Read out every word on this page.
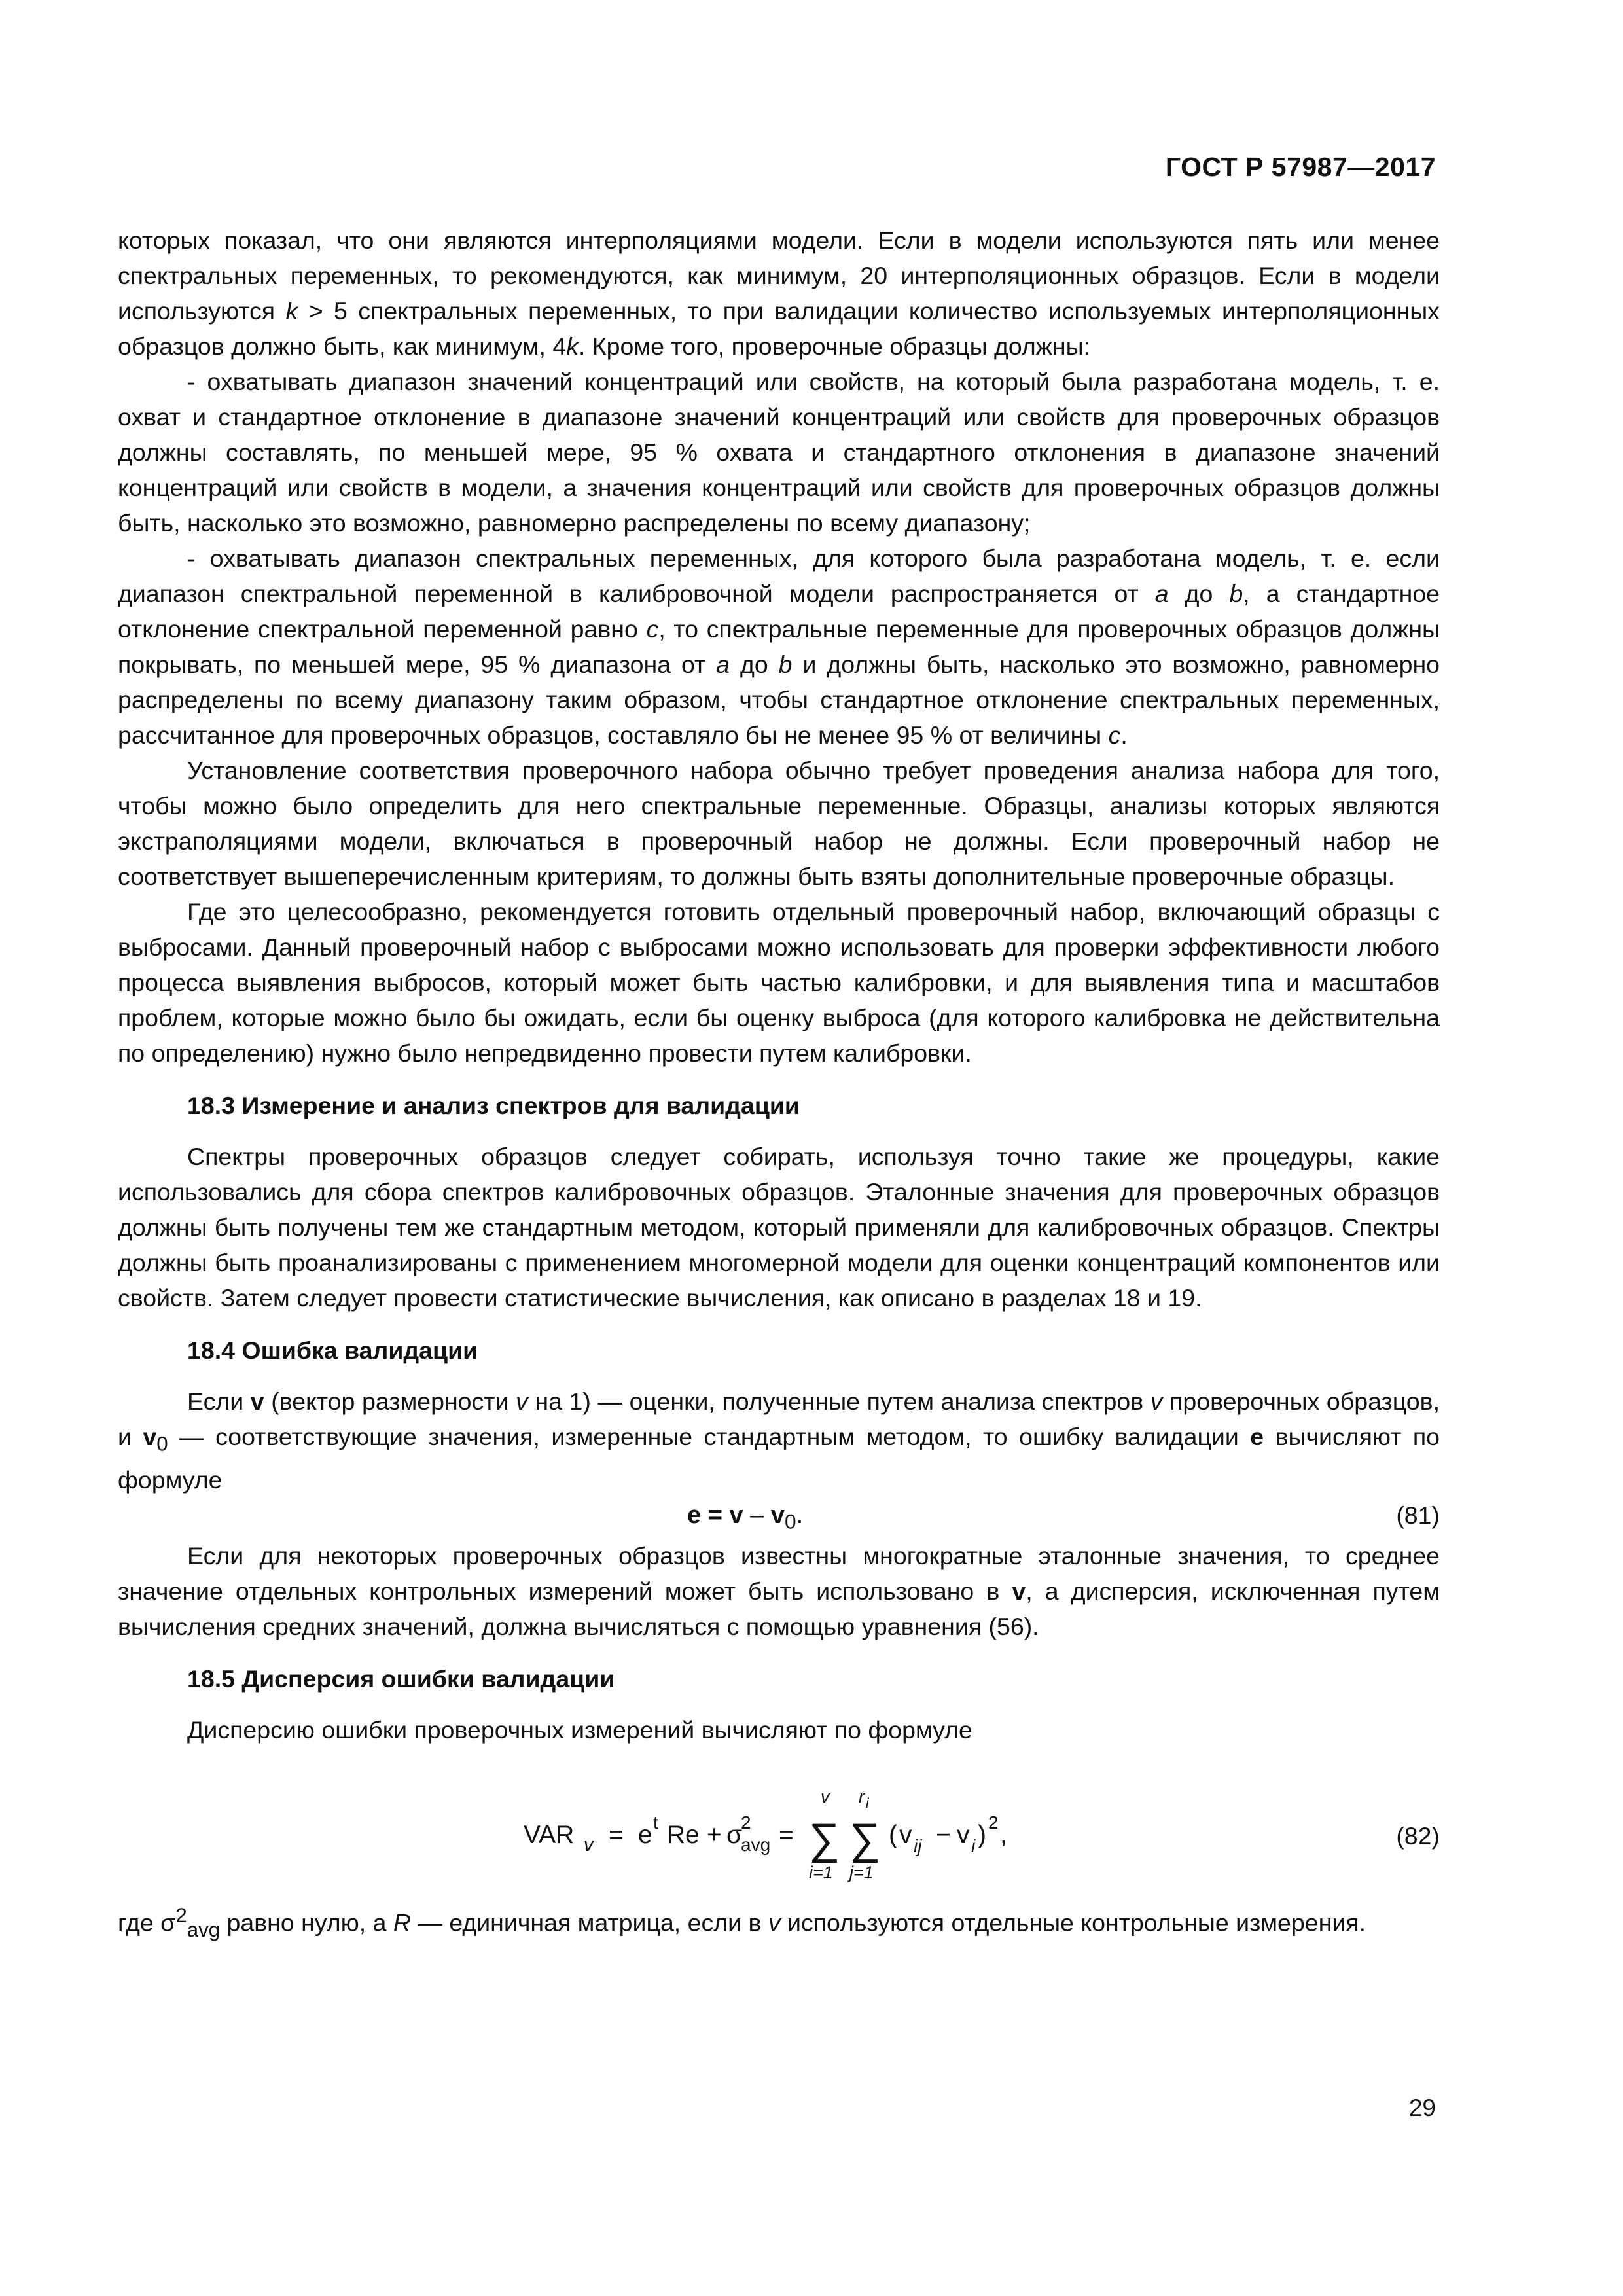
ГОСТ Р 57987—2017

которых показал, что они являются интерполяциями модели. Если в модели используются пять или менее спектральных переменных, то рекомендуются, как минимум, 20 интерполяционных образцов. Если в модели используются k > 5 спектральных переменных, то при валидации количество используемых интерполяционных образцов должно быть, как минимум, 4k. Кроме того, проверочные образцы должны:

- охватывать диапазон значений концентраций или свойств, на который была разработана модель, т. е. охват и стандартное отклонение в диапазоне значений концентраций или свойств для проверочных образцов должны составлять, по меньшей мере, 95 % охвата и стандартного отклонения в диапазоне значений концентраций или свойств в модели, а значения концентраций или свойств для проверочных образцов должны быть, насколько это возможно, равномерно распределены по всему диапазону;

- охватывать диапазон спектральных переменных, для которого была разработана модель, т. е. если диапазон спектральной переменной в калибровочной модели распространяется от a до b, а стандартное отклонение спектральной переменной равно c, то спектральные переменные для проверочных образцов должны покрывать, по меньшей мере, 95 % диапазона от a до b и должны быть, насколько это возможно, равномерно распределены по всему диапазону таким образом, чтобы стандартное отклонение спектральных переменных, рассчитанное для проверочных образцов, составляло бы не менее 95 % от величины c.

Установление соответствия проверочного набора обычно требует проведения анализа набора для того, чтобы можно было определить для него спектральные переменные. Образцы, анализы которых являются экстраполяциями модели, включаться в проверочный набор не должны. Если проверочный набор не соответствует вышеперечисленным критериям, то должны быть взяты дополнительные проверочные образцы.

Где это целесообразно, рекомендуется готовить отдельный проверочный набор, включающий образцы с выбросами. Данный проверочный набор с выбросами можно использовать для проверки эффективности любого процесса выявления выбросов, который может быть частью калибровки, и для выявления типа и масштабов проблем, которые можно было бы ожидать, если бы оценку выброса (для которого калибровка не действительна по определению) нужно было непредвиденно провести путем калибровки.

18.3 Измерение и анализ спектров для валидации

Спектры проверочных образцов следует собирать, используя точно такие же процедуры, какие использовались для сбора спектров калибровочных образцов. Эталонные значения для проверочных образцов должны быть получены тем же стандартным методом, который применяли для калибровочных образцов. Спектры должны быть проанализированы с применением многомерной модели для оценки концентраций компонентов или свойств. Затем следует провести статистические вычисления, как описано в разделах 18 и 19.

18.4 Ошибка валидации

Если v (вектор размерности v на 1) — оценки, полученные путем анализа спектров v проверочных образцов, и $v_0$ — соответствующие значения, измеренные стандартным методом, то ошибку валидации e вычисляют по формуле

$e = v - v_0$.	(81)

Если для некоторых проверочных образцов известны многократные эталонные значения, то среднее значение отдельных контрольных измерений может быть использовано в v, а дисперсия, исключенная путем вычисления средних значений, должна вычисляться с помощью уравнения (56).

18.5 Дисперсия ошибки валидации

Дисперсию ошибки проверочных измерений вычисляют по формуле

VAR v = e t Re + σ
2
avg = ∑
v
i=1
∑
r i
j=1
( v ij − v i ) 2 ,	(82)

где $\sigma^2_{avg}$ равно нулю, а R — единичная матрица, если в v используются отдельные контрольные измерения.

29
